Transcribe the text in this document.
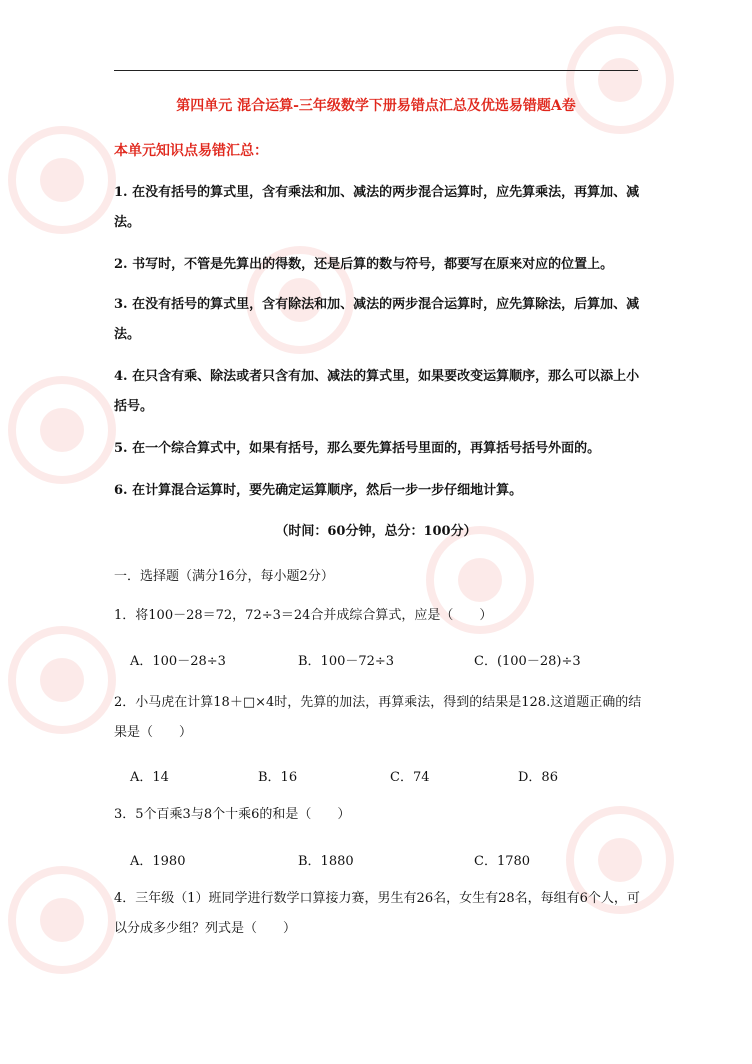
第四单元 混合运算-三年级数学下册易错点汇总及优选易错题A卷
本单元知识点易错汇总：
1. 在没有括号的算式里，含有乘法和加、减法的两步混合运算时，应先算乘法，再算加、减法。
2. 书写时，不管是先算出的得数，还是后算的数与符号，都要写在原来对应的位置上。
3. 在没有括号的算式里，含有除法和加、减法的两步混合运算时，应先算除法，后算加、减法。
4. 在只含有乘、除法或者只含有加、减法的算式里，如果要改变运算顺序，那么可以添上小括号。
5. 在一个综合算式中，如果有括号，那么要先算括号里面的，再算括号括号外面的。
6. 在计算混合运算时，要先确定运算顺序，然后一步一步仔细地计算。
（时间：60分钟，总分：100分）
一．选择题（满分16分，每小题2分）
1．将100－28＝72，72÷3＝24合并成综合算式，应是（　　）
A．100－28÷3	B．100－72÷3	C．(100－28)÷3
2．小马虎在计算18＋□×4时，先算的加法，再算乘法，得到的结果是128.这道题正确的结果是（　　）
A．14	B．16	C．74	D．86
3．5个百乘3与8个十乘6的和是（　　）
A．1980	B．1880	C．1780
4．三年级（1）班同学进行数学口算接力赛，男生有26名，女生有28名，每组有6个人，可以分成多少组？列式是（　　）
